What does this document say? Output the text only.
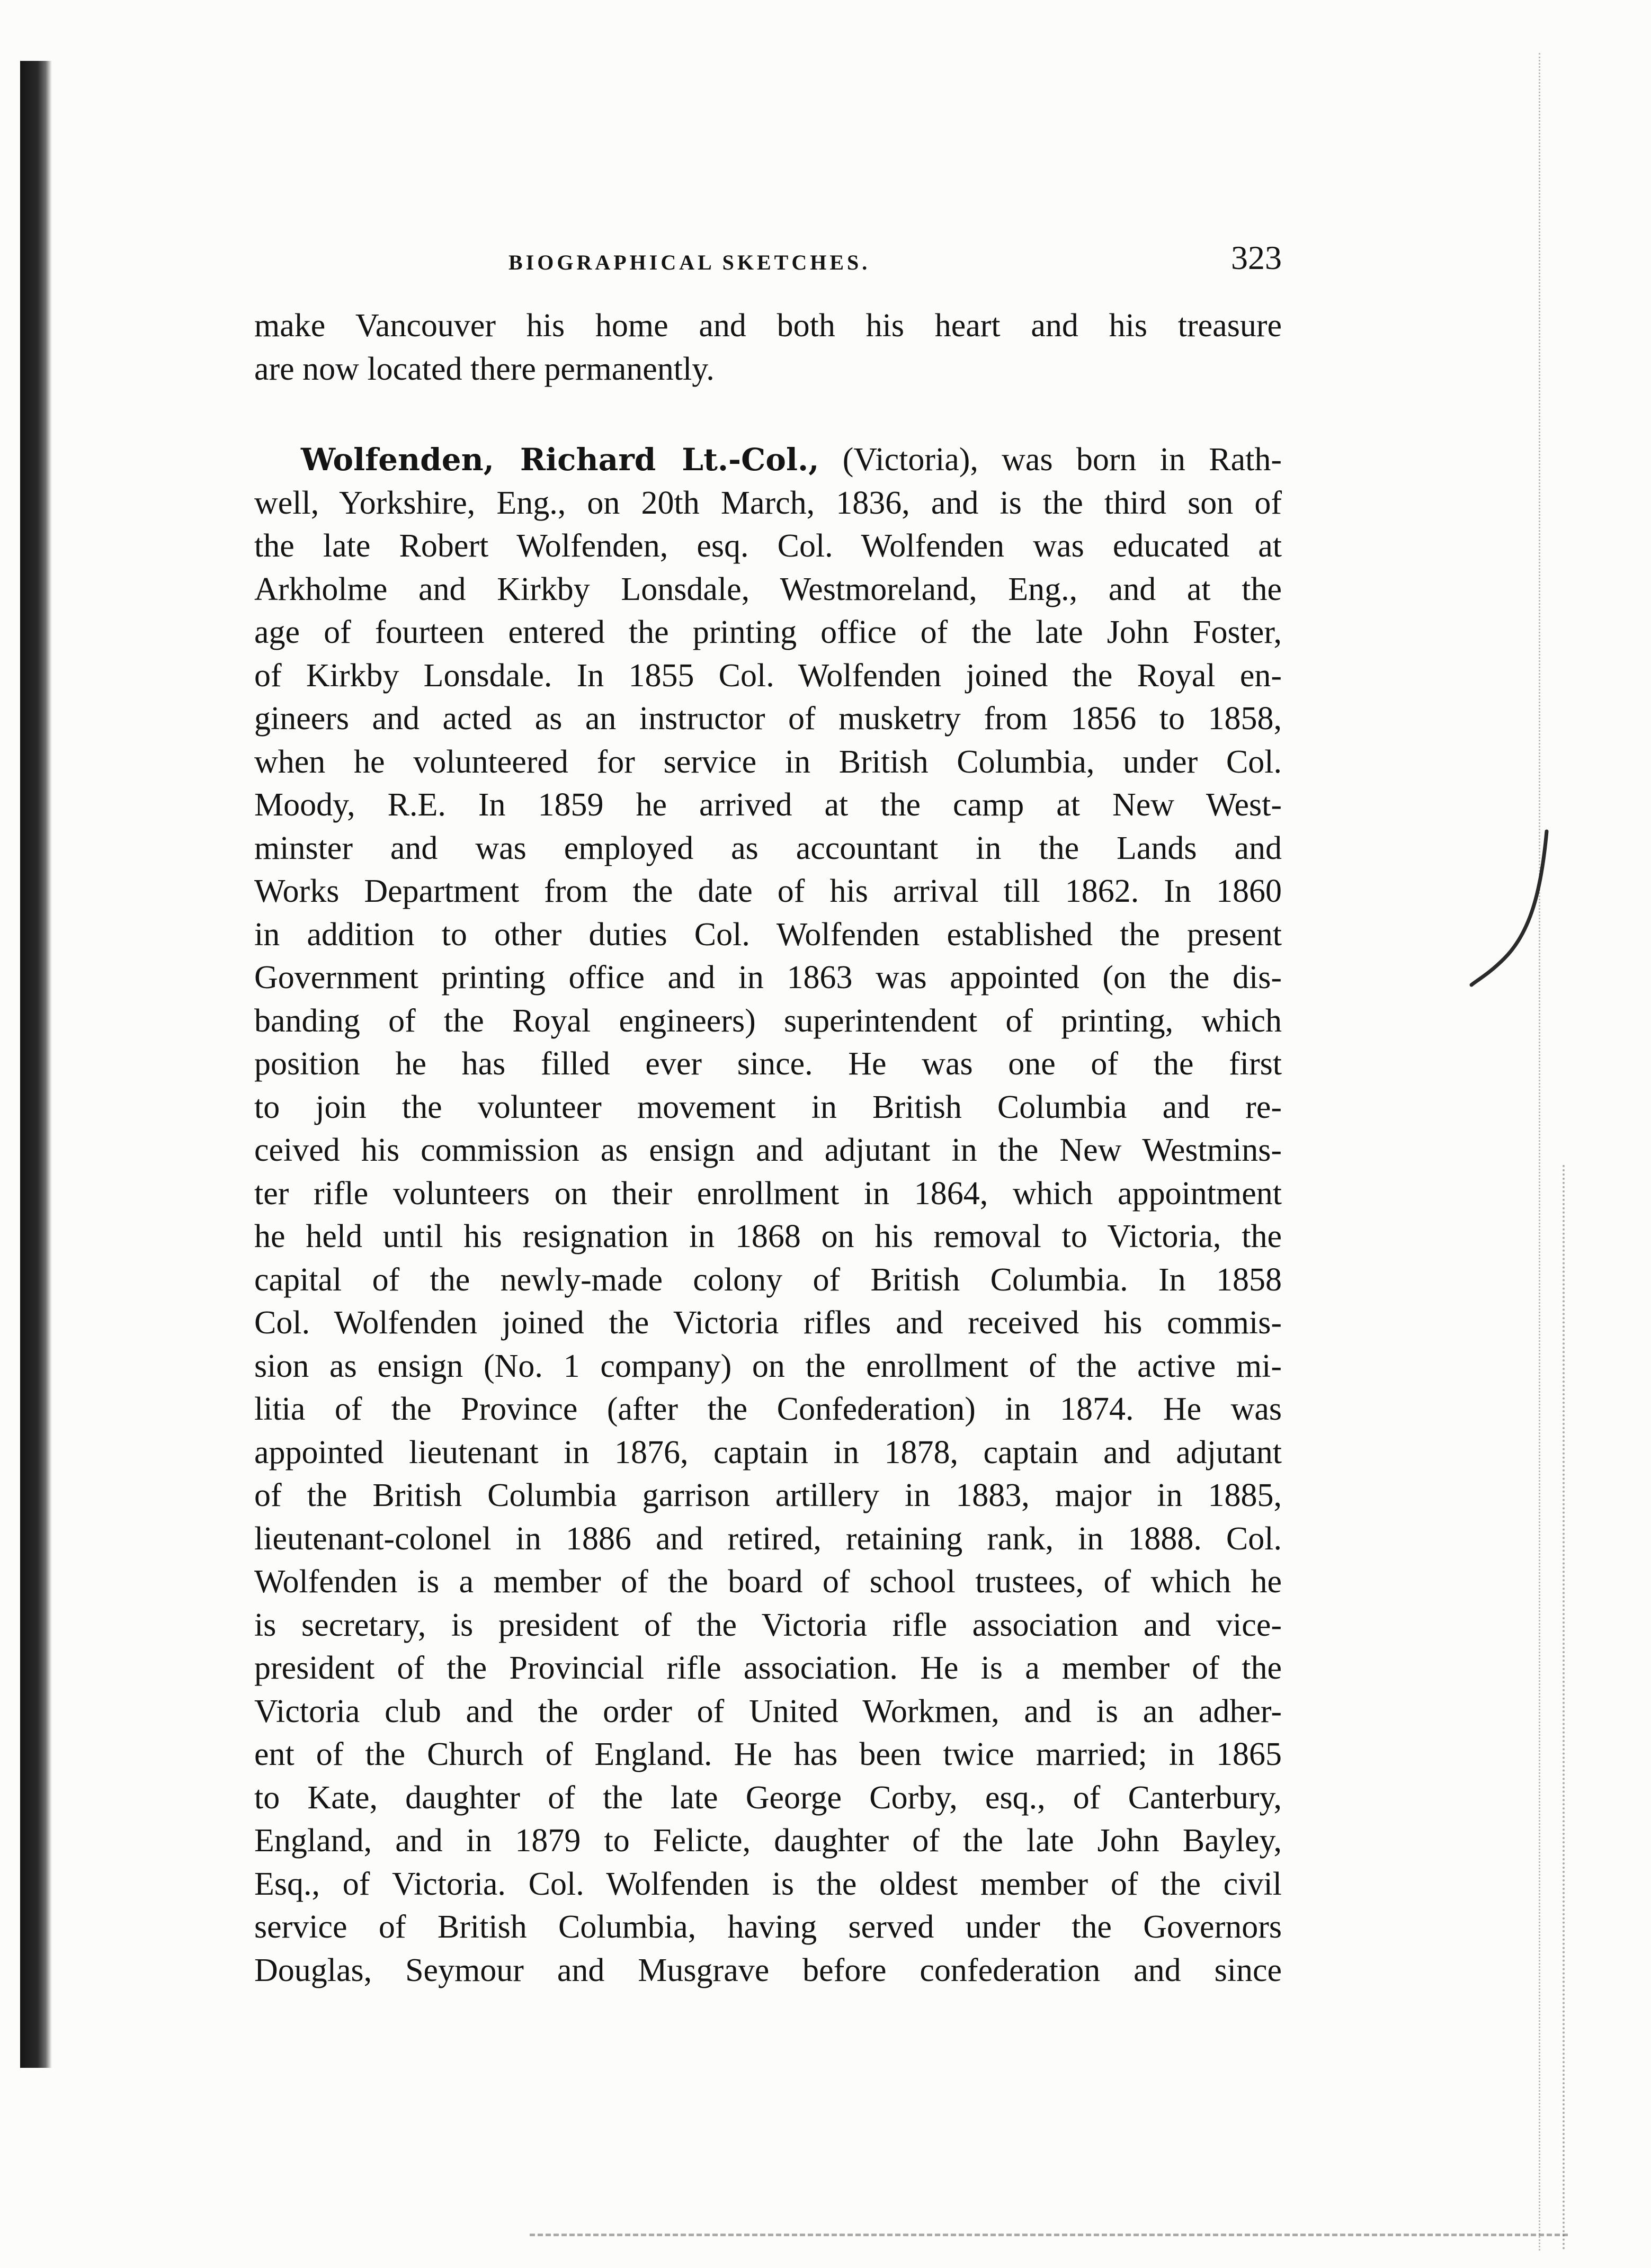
BIOGRAPHICAL SKETCHES.	323
make Vancouver his home and both his heart and his treasure
are now located there permanently.
Wolfenden, Richard Lt.-Col., (Victoria), was born in Rath-
well, Yorkshire, Eng., on 20th March, 1836, and is the third son of
the late Robert Wolfenden, esq. Col. Wolfenden was educated at
Arkholme and Kirkby Lonsdale, Westmoreland, Eng., and at the
age of fourteen entered the printing office of the late John Foster,
of Kirkby Lonsdale. In 1855 Col. Wolfenden joined the Royal en-
gineers and acted as an instructor of musketry from 1856 to 1858,
when he volunteered for service in British Columbia, under Col.
Moody, R.E. In 1859 he arrived at the camp at New West-
minster and was employed as accountant in the Lands and
Works Department from the date of his arrival till 1862. In 1860
in addition to other duties Col. Wolfenden established the present
Government printing office and in 1863 was appointed (on the dis-
banding of the Royal engineers) superintendent of printing, which
position he has filled ever since. He was one of the first
to join the volunteer movement in British Columbia and re-
ceived his commission as ensign and adjutant in the New Westmins-
ter rifle volunteers on their enrollment in 1864, which appointment
he held until his resignation in 1868 on his removal to Victoria, the
capital of the newly-made colony of British Columbia. In 1858
Col. Wolfenden joined the Victoria rifles and received his commis-
sion as ensign (No. 1 company) on the enrollment of the active mi-
litia of the Province (after the Confederation) in 1874. He was
appointed lieutenant in 1876, captain in 1878, captain and adjutant
of the British Columbia garrison artillery in 1883, major in 1885,
lieutenant-colonel in 1886 and retired, retaining rank, in 1888. Col.
Wolfenden is a member of the board of school trustees, of which he
is secretary, is president of the Victoria rifle association and vice-
president of the Provincial rifle association. He is a member of the
Victoria club and the order of United Workmen, and is an adher-
ent of the Church of England. He has been twice married; in 1865
to Kate, daughter of the late George Corby, esq., of Canterbury,
England, and in 1879 to Felicte, daughter of the late John Bayley,
Esq., of Victoria. Col. Wolfenden is the oldest member of the civil
service of British Columbia, having served under the Governors
Douglas, Seymour and Musgrave before confederation and since
